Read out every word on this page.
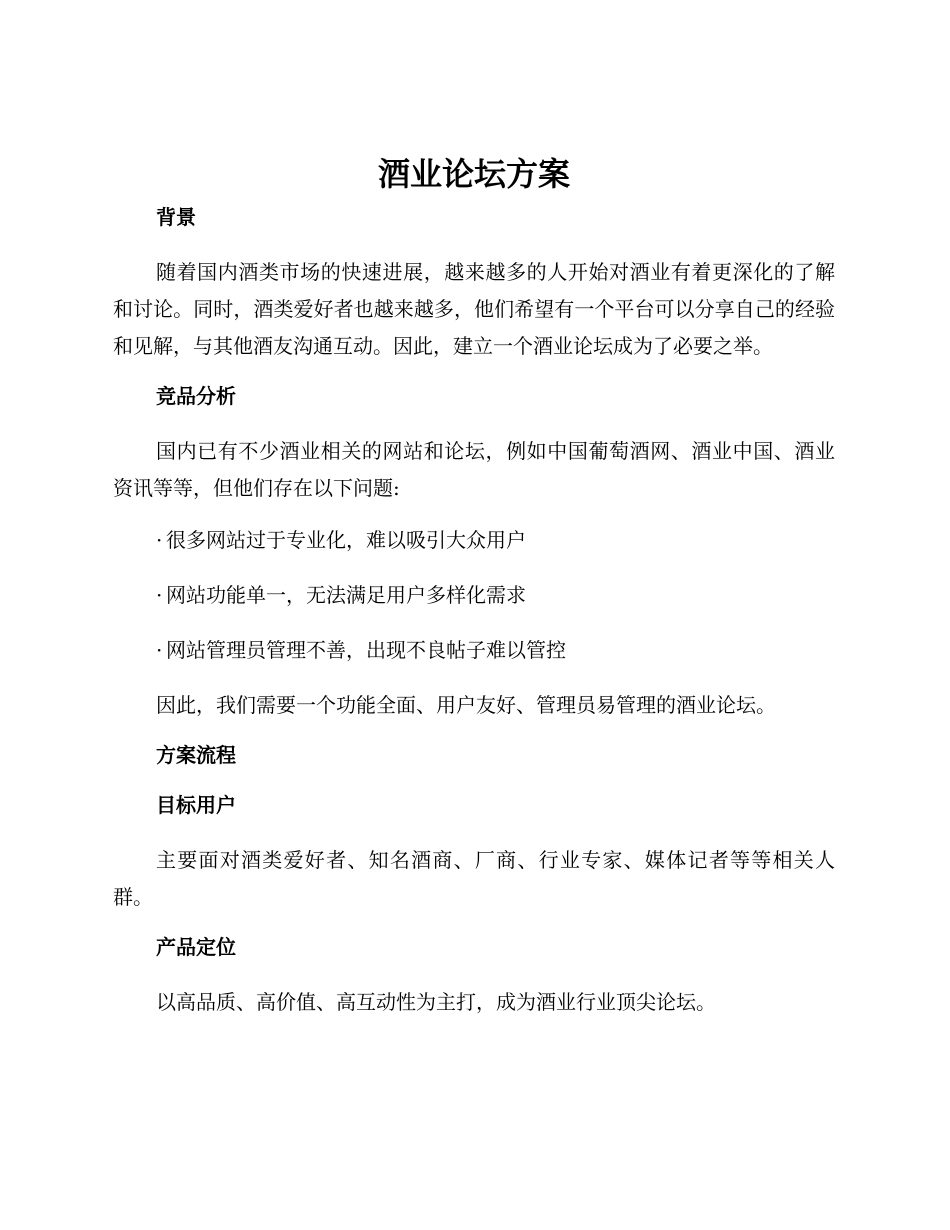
酒业论坛方案
背景

随着国内酒类市场的快速进展，越来越多的人开始对酒业有着更深化的了解和讨论。同时，酒类爱好者也越来越多，他们希望有一个平台可以分享自己的经验和见解，与其他酒友沟通互动。因此，建立一个酒业论坛成为了必要之举。

竞品分析

国内已有不少酒业相关的网站和论坛，例如中国葡萄酒网、酒业中国、酒业资讯等等，但他们存在以下问题:

· 很多网站过于专业化，难以吸引大众用户
· 网站功能单一，无法满足用户多样化需求
· 网站管理员管理不善，出现不良帖子难以管控

因此，我们需要一个功能全面、用户友好、管理员易管理的酒业论坛。

方案流程
目标用户

主要面对酒类爱好者、知名酒商、厂商、行业专家、媒体记者等等相关人群。

产品定位

以高品质、高价值、高互动性为主打，成为酒业行业顶尖论坛。
